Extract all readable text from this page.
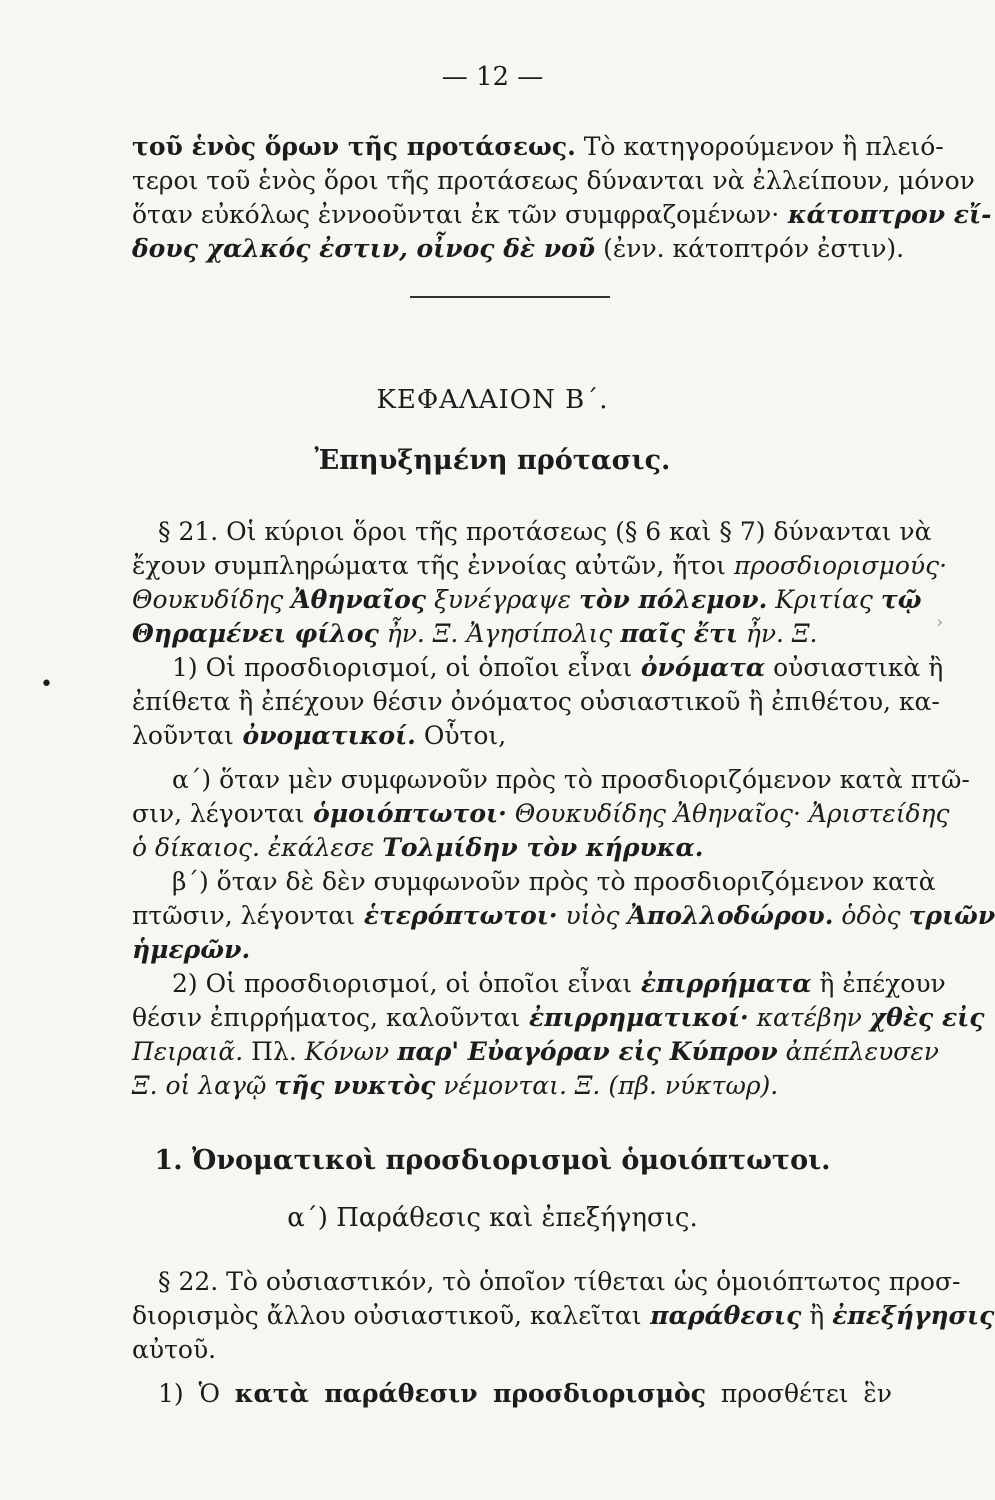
— 12 —
τοῦ ἑνὸς ὅρων τῆς προτάσεως. Τὸ κατηγορούμενον ἢ πλειό-
τεροι τοῦ ἑνὸς ὅροι τῆς προτάσεως δύνανται νὰ ἐλλείπουν, μόνον
ὅταν εὐκόλως ἐννοοῦνται ἐκ τῶν συμφραζομένων· κάτοπτρον εἴ-
δους χαλκός ἐστιν, οἶνος δὲ νοῦ (ἐνν. κάτοπτρόν ἐστιν).
ΚΕΦΑΛΑΙΟΝ Β΄.
Ἐπηυξημένη πρότασις.
§ 21. Οἱ κύριοι ὅροι τῆς προτάσεως (§ 6 καὶ § 7) δύνανται νὰ
ἔχουν συμπληρώματα τῆς ἐννοίας αὐτῶν, ἤτοι προσδιορισμούς·
Θουκυδίδης Ἀθηναῖος ξυνέγραψε τὸν πόλεμον. Κριτίας τῷ
Θηραμένει φίλος ἦν. Ξ. Ἀγησίπολις παῖς ἔτι ἦν. Ξ.
1) Οἱ προσδιορισμοί, οἱ ὁποῖοι εἶναι ὀνόματα οὐσιαστικὰ ἢ
ἐπίθετα ἢ ἐπέχουν θέσιν ὀνόματος οὐσιαστικοῦ ἢ ἐπιθέτου, κα-
λοῦνται ὀνοματικοί. Οὗτοι,
α΄) ὅταν μὲν συμφωνοῦν πρὸς τὸ προσδιοριζόμενον κατὰ πτῶ-
σιν, λέγονται ὁμοιόπτωτοι· Θουκυδίδης Ἀθηναῖος· Ἀριστείδης
ὁ δίκαιος. ἐκάλεσε Τολμίδην τὸν κήρυκα.
β΄) ὅταν δὲ δὲν συμφωνοῦν πρὸς τὸ προσδιοριζόμενον κατὰ
πτῶσιν, λέγονται ἑτερόπτωτοι· υἱὸς Ἀπολλοδώρου. ὁδὸς τριῶν
ἡμερῶν.
2) Οἱ προσδιορισμοί, οἱ ὁποῖοι εἶναι ἐπιρρήματα ἢ ἐπέχουν
θέσιν ἐπιρρήματος, καλοῦνται ἐπιρρηματικοί· κατέβην χθὲς εἰς
Πειραιᾶ. Πλ. Κόνων παρ' Εὐαγόραν εἰς Κύπρον ἀπέπλευσεν
Ξ. οἱ λαγῷ τῆς νυκτὸς νέμονται. Ξ. (πβ. νύκτωρ).
1. Ὀνοματικοὶ προσδιορισμοὶ ὁμοιόπτωτοι.
α΄) Παράθεσις καὶ ἐπεξήγησις.
§ 22. Τὸ οὐσιαστικόν, τὸ ὁποῖον τίθεται ὡς ὁμοιόπτωτος προσ-
διορισμὸς ἄλλου οὐσιαστικοῦ, καλεῖται παράθεσις ἢ ἐπεξήγησις
αὐτοῦ.
1) Ὁ κατὰ παράθεσιν προσδιορισμὸς προσθέτει ἓν
•
›
